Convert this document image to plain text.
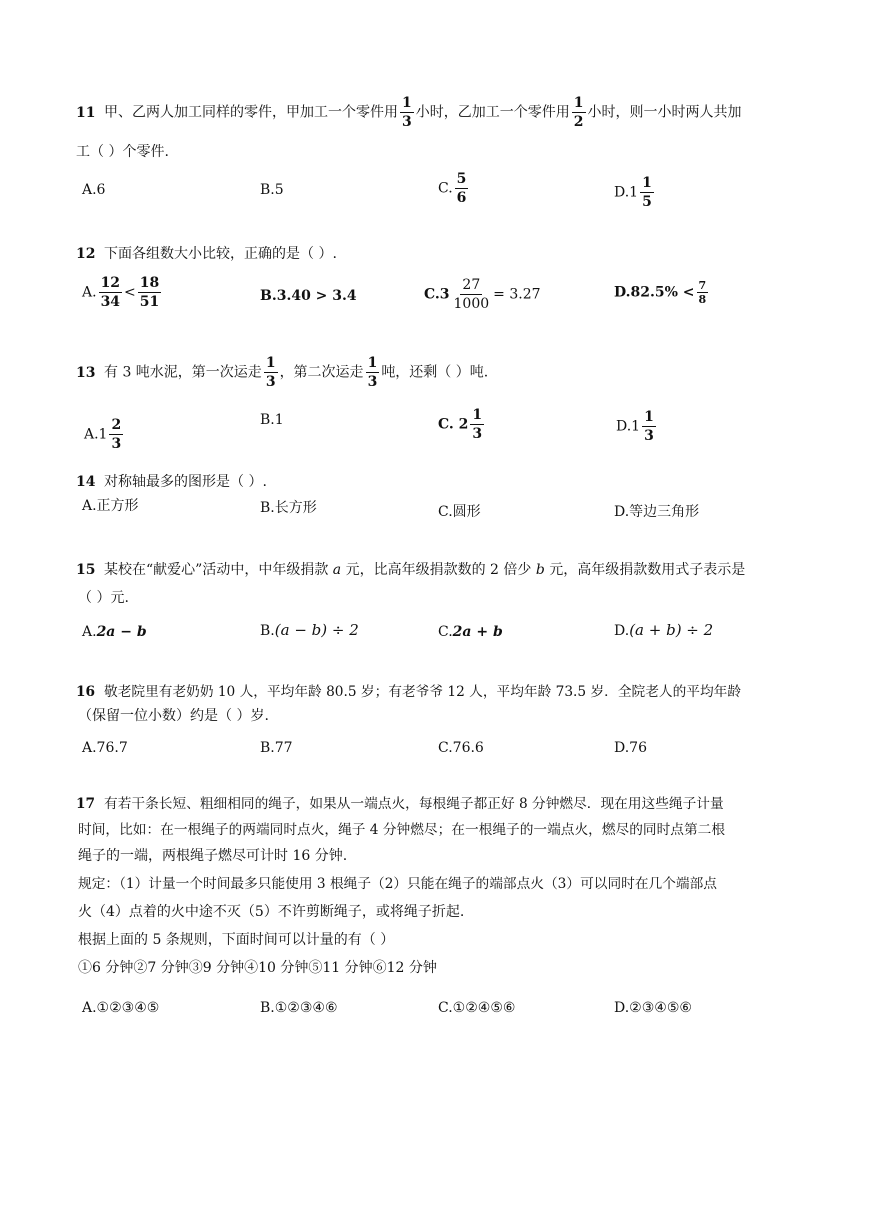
11 甲、乙两人加工同样的零件，甲加工一个零件用 $\frac{1}{3}$ 小时，乙加工一个零件用 $\frac{1}{2}$ 小时，则一小时两人共加
工（ ）个零件.
A.6	B.5	C. $\frac{5}{6}$	$D.1 \frac{1}{5}$
12 下面各组数大小比较，正确的是（ ）.
A. $\frac{12}{34} < \frac{18}{51}$	B.3.40 > 3.4	$C.3 \frac{27}{1000} = 3.27$	$D.82.5\% < \frac{7}{8}$
13 有 3 吨水泥，第一次运走 $\frac{1}{3}$ ，第二次运走 $\frac{1}{3}$ 吨，还剩（ ）吨.
$A.1 \frac{2}{3}$	B.1	C. $2 \frac{1}{3}$	$D.1 \frac{1}{3}$
14 对称轴最多的图形是（ ）.
A.正方形	B.长方形	C.圆形	D.等边三角形
15 某校在“献爱心”活动中，中年级捐款 a 元，比高年级捐款数的 2 倍少 b 元，高年级捐款数用式子表示是
（ ）元.
A.2a − b	B.(a − b) ÷ 2	C.2a + b	D.(a + b) ÷ 2
16 敬老院里有老奶奶 10 人，平均年龄 80.5 岁；有老爷爷 12 人，平均年龄 73.5 岁．全院老人的平均年龄
（保留一位小数）约是（ ）岁.
A.76.7	B.77	C.76.6	D.76
17 有若干条长短、粗细相同的绳子，如果从一端点火，每根绳子都正好 8 分钟燃尽．现在用这些绳子计量
时间，比如：在一根绳子的两端同时点火，绳子 4 分钟燃尽；在一根绳子的一端点火，燃尽的同时点第二根
绳子的一端，两根绳子燃尽可计时 16 分钟.
规定：（1）计量一个时间最多只能使用 3 根绳子（2）只能在绳子的端部点火（3）可以同时在几个端部点
火（4）点着的火中途不灭（5）不许剪断绳子，或将绳子折起.
根据上面的 5 条规则，下面时间可以计量的有（ ）
①6 分钟②7 分钟③9 分钟④10 分钟⑤11 分钟⑥12 分钟
A.①②③④⑤	B.①②③④⑥	C.①②④⑤⑥	D.②③④⑤⑥
